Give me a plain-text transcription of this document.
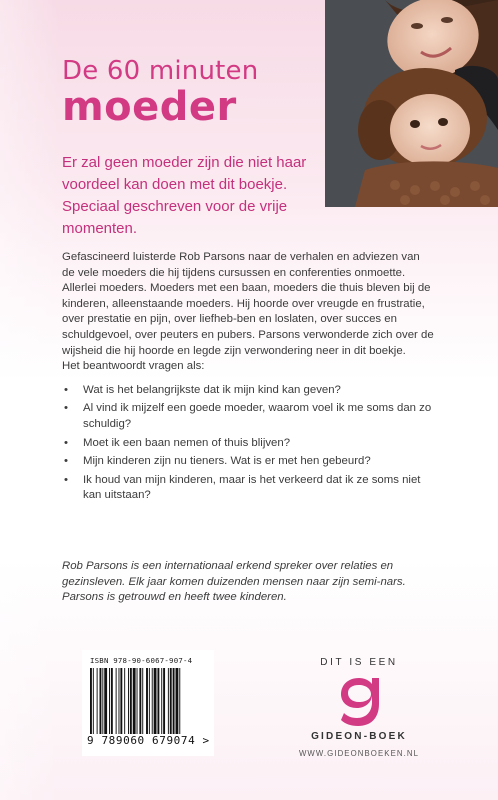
De 60 minuten
moeder
Er zal geen moeder zijn die niet haar voordeel kan doen met dit boekje. Speciaal geschreven voor de vrije momenten.

Gefascineerd luisterde Rob Parsons naar de verhalen en adviezen van de vele moeders die hij tijdens cursussen en conferenties onmoette. Allerlei moeders. Moeders met een baan, moeders die thuis bleven bij de kinderen, alleenstaande moeders. Hij hoorde over vreugde en frustratie, over prestatie en pijn, over liefheb-ben en loslaten, over succes en schuldgevoel, over peuters en pubers. Parsons verwonderde zich over de wijsheid die hij hoorde en legde zijn verwondering neer in dit boekje.

Het beantwoordt vragen als:

• Wat is het belangrijkste dat ik mijn kind kan geven?
• Al vind ik mijzelf een goede moeder, waarom voel ik me soms dan zo schuldig?
• Moet ik een baan nemen of thuis blijven?
• Mijn kinderen zijn nu tieners. Wat is er met hen gebeurd?
• Ik houd van mijn kinderen, maar is het verkeerd dat ik ze soms niet kan uitstaan?
Rob Parsons is een internationaal erkend spreker over relaties en gezinsleven. Elk jaar komen duizenden mensen naar zijn semi-nars. Parsons is getrouwd en heeft twee kinderen.
ISBN 978-90-6067-907-4
9 789060 679074 >
DIT IS EEN
GIDEON-BOEK
WWW.GIDEONBOEKEN.NL
